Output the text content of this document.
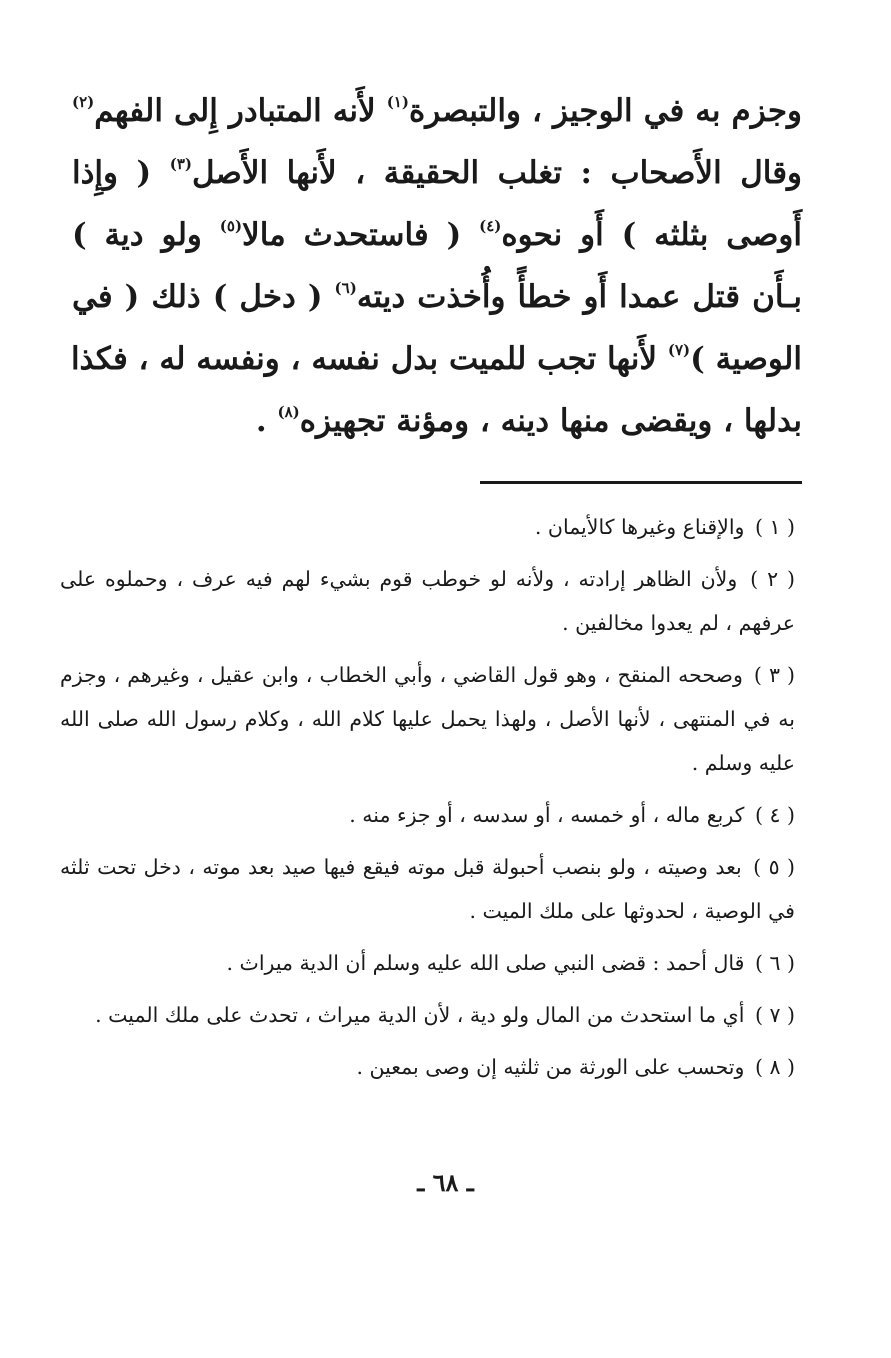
وجزم به في الوجيز ، والتبصرة$^{(١)}$ لأَنه المتبادر إِلى الفهم$^{(٢)}$
وقال الأَصحاب : تغلب الحقيقة ، لأَنها الأَصل$^{(٣)}$ ( وإِذا
أَوصى بثلثه ) أَو نحوه$^{(٤)}$ ( فاستحدث مالا$^{(٥)}$ ولو دية )
بـأَن قتل عمدا أَو خطأً وأُخذت ديته$^{(٦)}$ ( دخل ) ذلك ( في
الوصية )$^{(٧)}$ لأَنها تجب للميت بدل نفسه ، ونفسه له ، فكذا
بدلها ، ويقضى منها دينه ، ومؤنة تجهيزه$^{(٨)}$ .

( ١ ) والإقناع وغيرها كالأيمان .

( ٢ ) ولأن الظاهر إرادته ، ولأنه لو خوطب قوم بشيء لهم فيه عرف ، وحملوه على عرفهم ، لم يعدوا مخالفين .

( ٣ ) وصححه المنقح ، وهو قول القاضي ، وأبي الخطاب ، وابن عقيل ، وغيرهم ، وجزم به في المنتهى ، لأنها الأصل ، ولهذا يحمل عليها كلام الله ، وكلام رسول الله صلى الله عليه وسلم .

( ٤ ) كربع ماله ، أو خمسه ، أو سدسه ، أو جزء منه .

( ٥ ) بعد وصيته ، ولو بنصب أحبولة قبل موته فيقع فيها صيد بعد موته ، دخل تحت ثلثه في الوصية ، لحدوثها على ملك الميت .

( ٦ ) قال أحمد : قضى النبي صلى الله عليه وسلم أن الدية ميراث .

( ٧ ) أي ما استحدث من المال ولو دية ، لأن الدية ميراث ، تحدث على ملك الميت .

( ٨ ) وتحسب على الورثة من ثلثيه إن وصى بمعين .

ـ ٦٨ ـ
